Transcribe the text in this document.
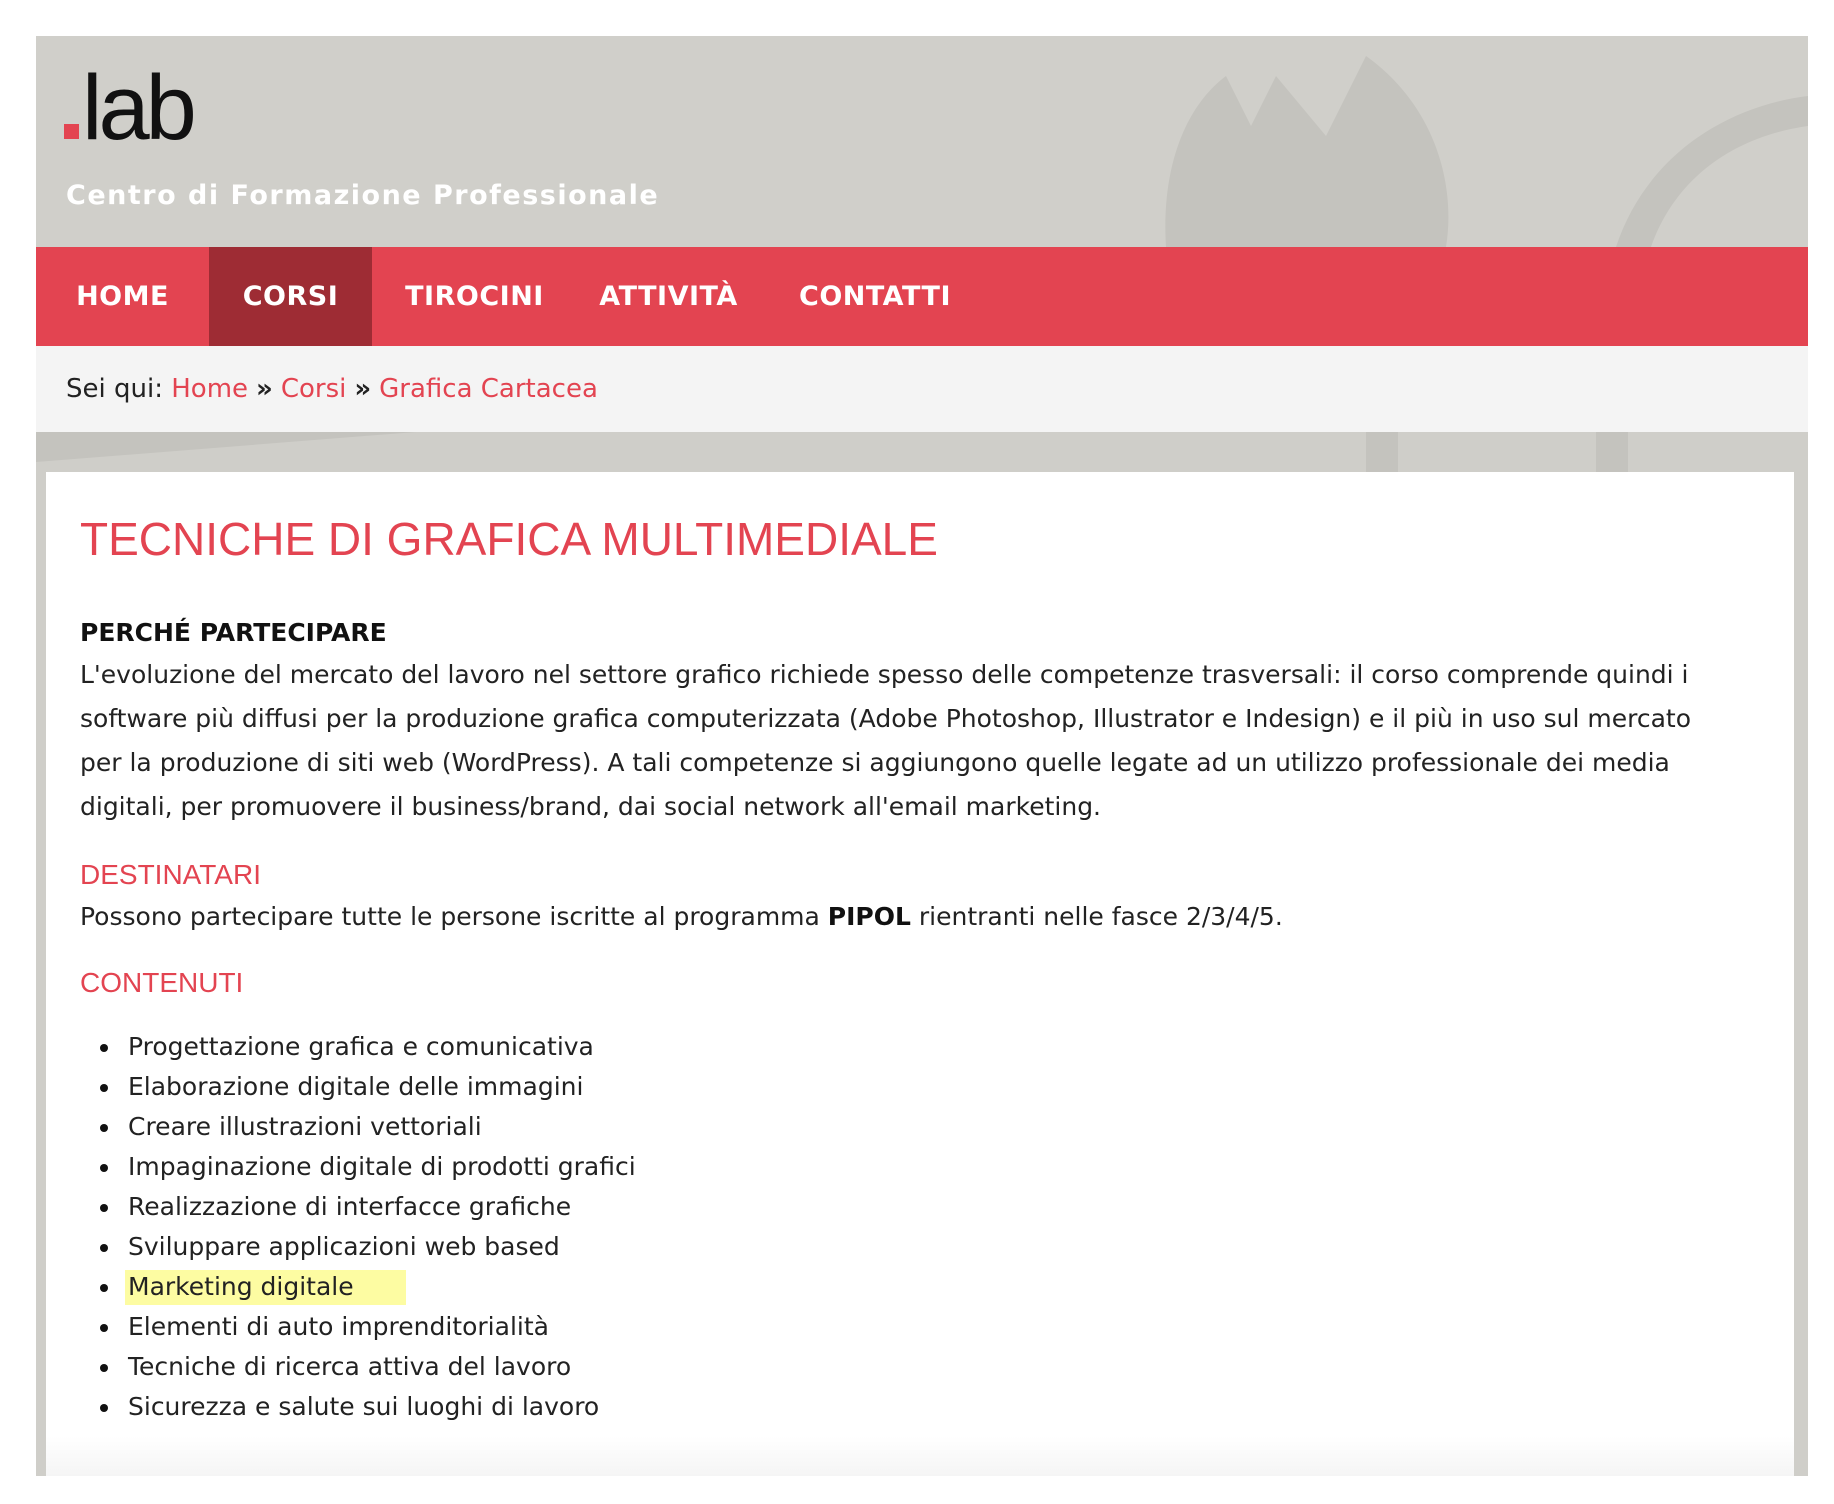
lab
Centro di Formazione Professionale
HOME	CORSI	TIROCINI	ATTIVITÀ	CONTATTI
Sei qui:
Home » Corsi » Grafica Cartacea
TECNICHE DI GRAFICA MULTIMEDIALE
PERCHÉ PARTECIPARE

L'evoluzione del mercato del lavoro nel settore grafico richiede spesso delle competenze trasversali: il corso comprende quindi i software più diffusi per la produzione grafica computerizzata (Adobe Photoshop, Illustrator e Indesign) e il più in uso sul mercato per la produzione di siti web (WordPress). A tali competenze si aggiungono quelle legate ad un utilizzo professionale dei media digitali, per promuovere il business/brand, dai social network all'email marketing.

DESTINATARI

Possono partecipare tutte le persone iscritte al programma PIPOL rientranti nelle fasce 2/3/4/5.

CONTENUTI
Progettazione grafica e comunicativa
Elaborazione digitale delle immagini
Creare illustrazioni vettoriali
Impaginazione digitale di prodotti grafici
Realizzazione di interfacce grafiche
Sviluppare applicazioni web based
Marketing digitale
Elementi di auto imprenditorialità
Tecniche di ricerca attiva del lavoro
Sicurezza e salute sui luoghi di lavoro
